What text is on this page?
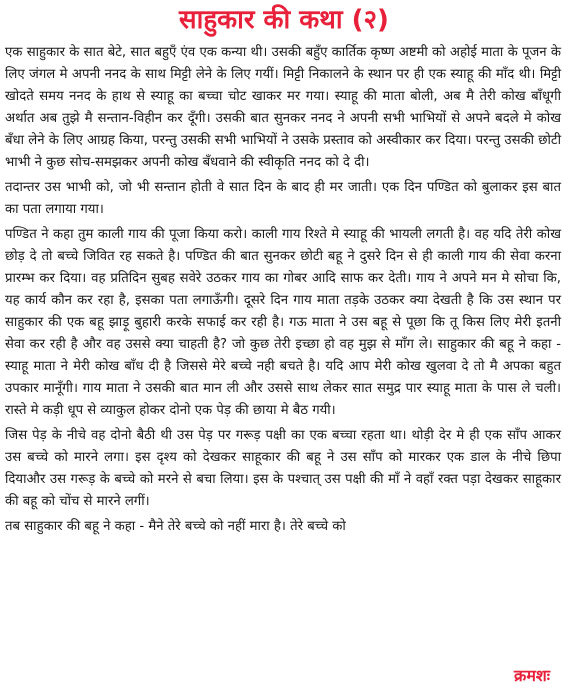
साहुकार की कथा (२)

एक साहुकार के सात बेटे, सात बहुएँ एंव एक कन्या थी। उसकी बहुँए कार्तिक कृष्ण अष्टमी को अहोई माता के पूजन के लिए जंगल मे अपनी ननद के साथ मिट्टी लेने के लिए गयीं। मिट्टी निकालने के स्थान पर ही एक स्याहू की माँद थी। मिट्टी खोदते समय ननद के हाथ से स्याहू का बच्चा चोट खाकर मर गया। स्याहू की माता बोली, अब मै तेरी कोख बाँधूगी अर्थात अब तुझे मै सन्तान-विहीन कर दूँगी। उसकी बात सुनकर ननद ने अपनी सभी भाभियों से अपने बदले मे कोख बँधा लेने के लिए आग्रह किया, परन्तु उसकी सभी भाभियों ने उसके प्रस्ताव को अस्वीकार कर दिया। परन्तु उसकी छोटी भाभी ने कुछ सोच-समझकर अपनी कोख बँधवाने की स्वीकृति ननद को दे दी।

तदान्तर उस भाभी को, जो भी सन्तान होती वे सात दिन के बाद ही मर जाती। एक दिन पण्डित को बुलाकर इस बात का पता लगाया गया।

पण्डित ने कहा तुम काली गाय की पूजा किया करो। काली गाय रिश्ते मे स्याहू की भायली लगती है। वह यदि तेरी कोख छोड़ दे तो बच्चे जिवित रह सकते है। पण्डित की बात सुनकर छोटी बहू ने दुसरे दिन से ही काली गाय की सेवा करना प्रारम्भ कर दिया। वह प्रतिदिन सुबह सवेरे उठकर गाय का गोबर आदि साफ कर देती। गाय ने अपने मन मे सोचा कि, यह कार्य कौन कर रहा है, इसका पता लगाऊँगी। दूसरे दिन गाय माता तड़के उठकर क्या देखती है कि उस स्थान पर साहुकार की एक बहू झाड़ू बुहारी करके सफाई कर रही है। गऊ माता ने उस बहू से पूछा कि तू किस लिए मेरी इतनी सेवा कर रही है और वह उससे क्या चाहती है? जो कुछ तेरी इच्छा हो वह मुझ से माँग ले। साहुकार की बहू ने कहा - स्याहू माता ने मेरी कोख बाँध दी है जिससे मेरे बच्चे नही बचते है। यदि आप मेरी कोख खुलवा दे तो मै अपका बहुत उपकार मानूँगी। गाय माता ने उसकी बात मान ली और उससे साथ लेकर सात समुद्र पार स्याहू माता के पास ले चली। रास्ते मे कड़ी धूप से व्याकुल होकर दोनो एक पेड़ की छाया मे बैठ गयी।

जिस पेड़ के नीचे वह दोनो बैठी थी उस पेड़ पर गरूड़ पक्षी का एक बच्चा रहता था। थोड़ी देर मे ही एक साँप आकर उस बच्चे को मारने लगा। इस दृश्य को देखकर साहूकार की बहू ने उस साँप को मारकर एक डाल के नीचे छिपा दियाऔर उस गरूड़ के बच्चे को मरने से बचा लिया। इस के पश्चात् उस पक्षी की माँ ने वहाँ रक्त पड़ा देखकर साहूकार की बहू को चोंच से मारने लगीं।

तब साहुकार की बहू ने कहा - मैने तेरे बच्चे को नहीं मारा है। तेरे बच्चे को

क्रमशः
